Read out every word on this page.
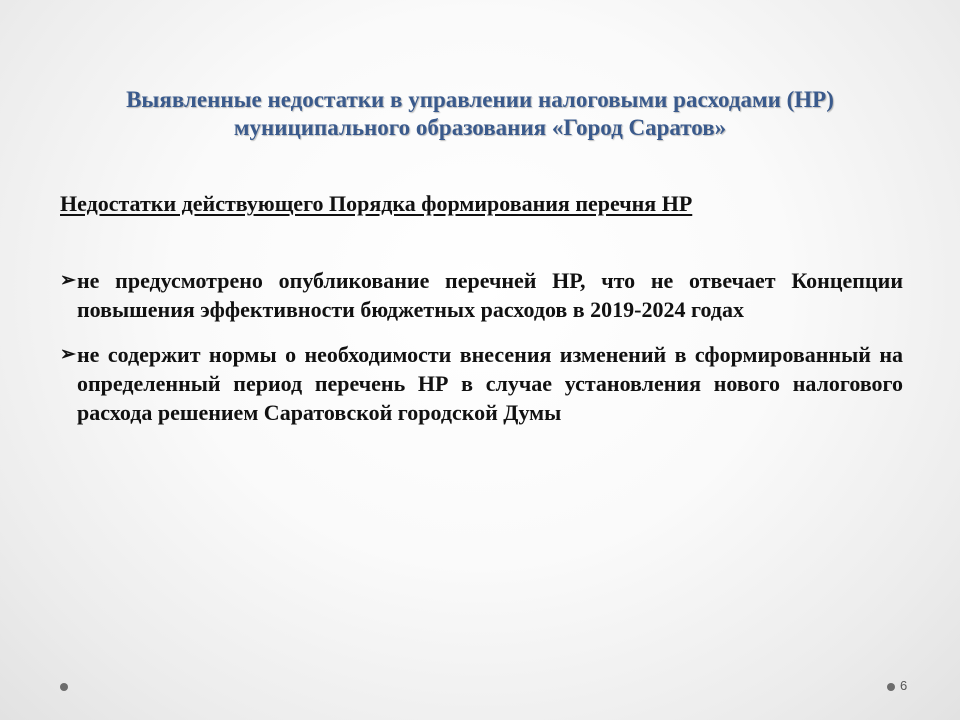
Выявленные недостатки в управлении налоговыми расходами (НР)
муниципального образования «Город Саратов»
Недостатки действующего Порядка формирования перечня НР
➢ не предусмотрено опубликование перечней НР, что не отвечает Концепции повышения эффективности бюджетных расходов в 2019-2024 годах
➢ не содержит нормы о необходимости внесения изменений в сформированный на определенный период перечень НР в случае установления нового налогового расхода решением Саратовской городской Думы
6
